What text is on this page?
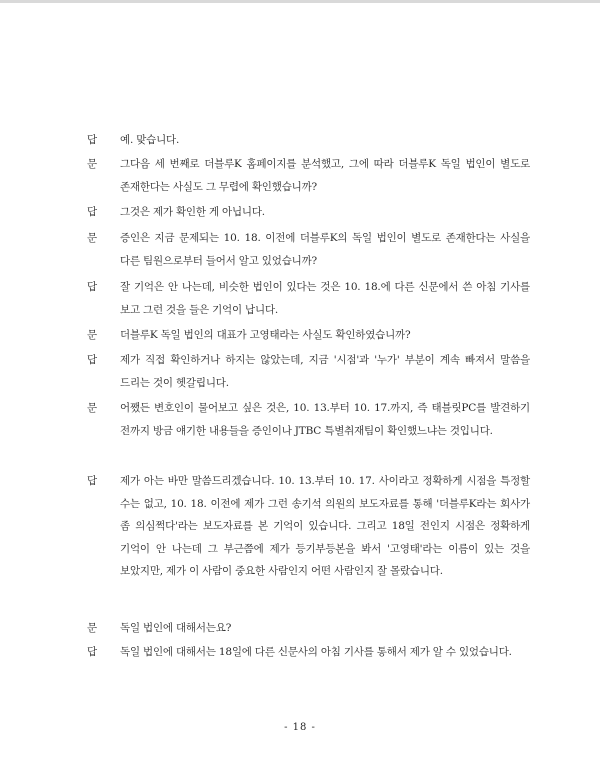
답 예. 맞습니다.
문 그다음 세 번째로 더블루K 홈페이지를 분석했고, 그에 따라 더블루K 독일 법인이 별도로 존재한다는 사실도 그 무렵에 확인했습니까?
답 그것은 제가 확인한 게 아닙니다.
문 증인은 지금 문제되는 10. 18. 이전에 더블루K의 독일 법인이 별도로 존재한다는 사실을 다른 팀원으로부터 들어서 알고 있었습니까?
답 잘 기억은 안 나는데, 비슷한 법인이 있다는 것은 10. 18.에 다른 신문에서 쓴 아침 기사를 보고 그런 것을 들은 기억이 납니다.
문 더블루K 독일 법인의 대표가 고영태라는 사실도 확인하였습니까?
답 제가 직접 확인하거나 하지는 않았는데, 지금 '시점'과 '누가' 부분이 계속 빠져서 말씀을 드리는 것이 헷갈립니다.
문 어쨌든 변호인이 물어보고 싶은 것은, 10. 13.부터 10. 17.까지, 즉 태블릿PC를 발견하기 전까지 방금 얘기한 내용들을 증인이나 JTBC 특별취재팀이 확인했느냐는 것입니다.
답 제가 아는 바만 말씀드리겠습니다. 10. 13.부터 10. 17. 사이라고 정확하게 시점을 특정할 수는 없고, 10. 18. 이전에 제가 그런 송기석 의원의 보도자료를 통해 '더블루K라는 회사가 좀 의심쩍다'라는 보도자료를 본 기억이 있습니다. 그리고 18일 전인지 시점은 정확하게 기억이 안 나는데 그 부근쯤에 제가 등기부등본을 봐서 '고영태'라는 이름이 있는 것을 보았지만, 제가 이 사람이 중요한 사람인지 어떤 사람인지 잘 몰랐습니다.
문 독일 법인에 대해서는요?
답 독일 법인에 대해서는 18일에 다른 신문사의 아침 기사를 통해서 제가 알 수 있었습니다.
- 18 -
